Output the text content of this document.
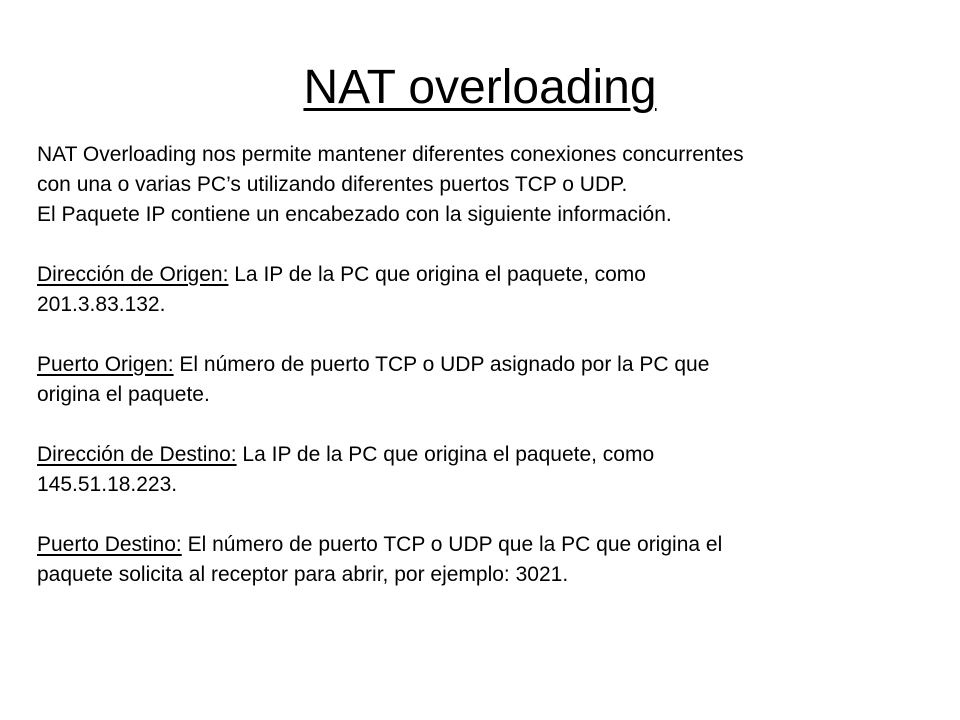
NAT overloading

NAT Overloading nos permite mantener diferentes conexiones concurrentes

con una o varias PC’s utilizando diferentes puertos TCP o UDP.

El Paquete IP contiene un encabezado con la siguiente información.

Dirección de Origen: La IP de la PC que origina el paquete, como

201.3.83.132.

Puerto Origen: El número de puerto TCP o UDP asignado por la PC que

origina el paquete.

Dirección de Destino: La IP de la PC que origina el paquete, como

145.51.18.223.

Puerto Destino: El número de puerto TCP o UDP que la PC que origina el

paquete solicita al receptor para abrir, por ejemplo: 3021.
